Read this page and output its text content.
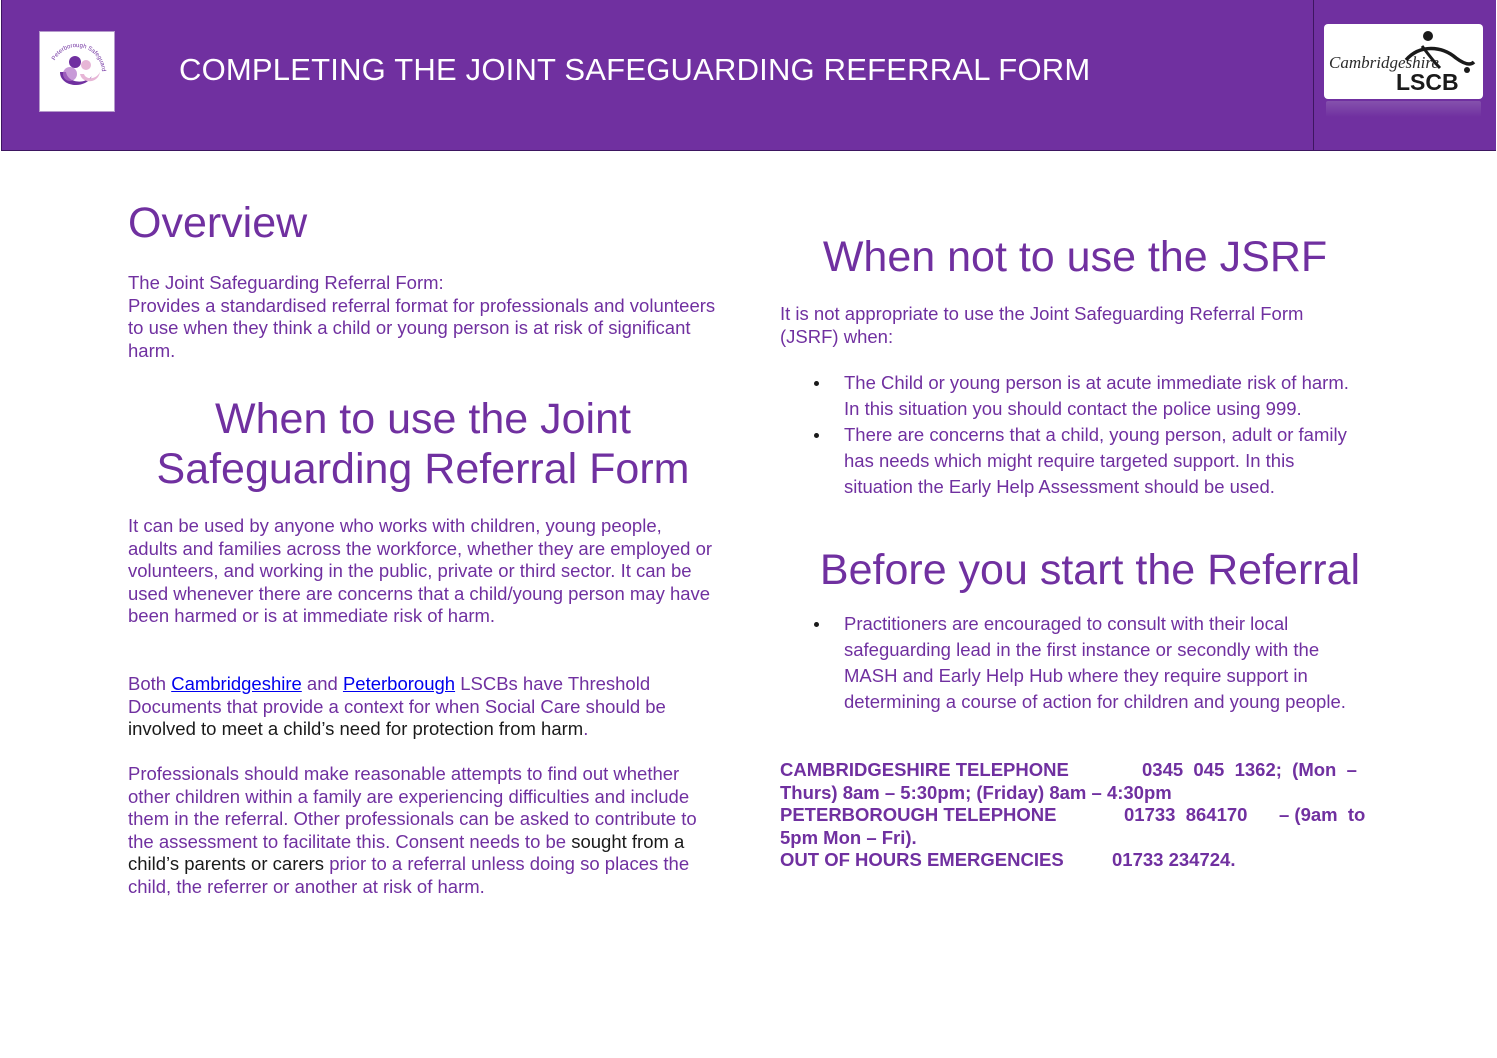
Peterborough Safeguard COMPLETING THE JOINT SAFEGUARDING REFERRAL FORM	Cambridgeshire
LSCB
Overview
The Joint Safeguarding Referral Form:
Provides a standardised referral format for professionals and volunteers to use when they think a child or young person is at risk of significant harm.
When to use the Joint
Safeguarding Referral Form

It can be used by anyone who works with children, young people, adults and families across the workforce, whether they are employed or volunteers, and working in the public, private or third sector. It can be used whenever there are concerns that a child/young person may have been harmed or is at immediate risk of harm.

Both Cambridgeshire and Peterborough LSCBs have Threshold Documents that provide a context for when Social Care should be involved to meet a child’s need for protection from harm.

Professionals should make reasonable attempts to find out whether other children within a family are experiencing difficulties and include them in the referral. Other professionals can be asked to contribute to the assessment to facilitate this. Consent needs to be sought from a child’s parents or carers prior to a referral unless doing so places the child, the referrer or another at risk of harm.

When not to use the JSRF

It is not appropriate to use the Joint Safeguarding Referral Form (JSRF) when:

The Child or young person is at acute immediate risk of harm. In this situation you should contact the police using 999.
There are concerns that a child, young person, adult or family has needs which might require targeted support. In this situation the Early Help Assessment should be used.
Before you start the Referral
Practitioners are encouraged to consult with their local safeguarding lead in the first instance or secondly with the MASH and Early Help Hub where they require support in determining a course of action for children and young people.
CAMBRIDGESHIRE TELEPHONE	0345  045  1362;  (Mon  –
Thurs) 8am – 5:30pm; (Friday) 8am – 4:30pm
PETERBOROUGH TELEPHONE	01733  864170	– (9am  to
5pm Mon – Fri).
OUT OF HOURS EMERGENCIES	01733 234724.
